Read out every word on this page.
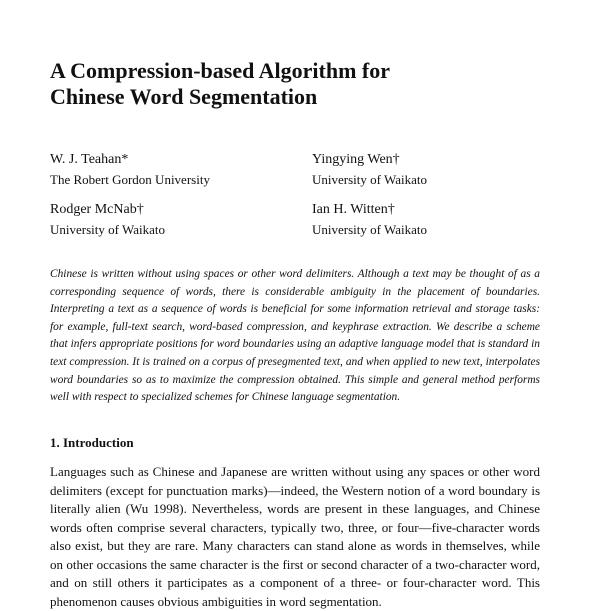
A Compression-based Algorithm for
Chinese Word Segmentation
W. J. Teahan*
The Robert Gordon University
Yingying Wen†
University of Waikato
Rodger McNab†
University of Waikato
Ian H. Witten†
University of Waikato

Chinese is written without using spaces or other word delimiters. Although a text may be thought of as a corresponding sequence of words, there is considerable ambiguity in the placement of boundaries. Interpreting a text as a sequence of words is beneficial for some information retrieval and storage tasks: for example, full-text search, word-based compression, and keyphrase extraction. We describe a scheme that infers appropriate positions for word boundaries using an adaptive language model that is standard in text compression. It is trained on a corpus of presegmented text, and when applied to new text, interpolates word boundaries so as to maximize the compression obtained. This simple and general method performs well with respect to specialized schemes for Chinese language segmentation.

1. Introduction

Languages such as Chinese and Japanese are written without using any spaces or other word delimiters (except for punctuation marks)—indeed, the Western notion of a word boundary is literally alien (Wu 1998). Nevertheless, words are present in these languages, and Chinese words often comprise several characters, typically two, three, or four—five-character words also exist, but they are rare. Many characters can stand alone as words in themselves, while on other occasions the same character is the first or second character of a two-character word, and on still others it participates as a component of a three- or four-character word. This phenomenon causes obvious ambiguities in word segmentation.
